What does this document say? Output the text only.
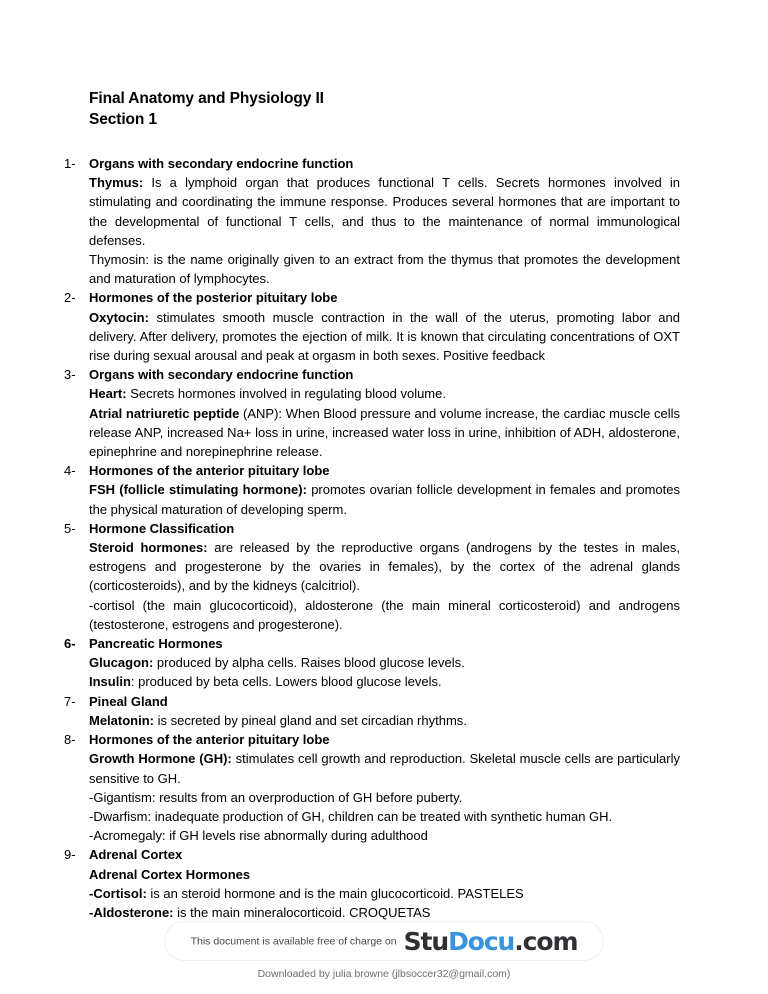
Final Anatomy and Physiology II
Section 1
1-	Organs with secondary endocrine function

Thymus: Is a lymphoid organ that produces functional T cells. Secrets hormones involved in stimulating and coordinating the immune response. Produces several hormones that are important to the developmental of functional T cells, and thus to the maintenance of normal immunological defenses.

Thymosin: is the name originally given to an extract from the thymus that promotes the development and maturation of lymphocytes.

2-	Hormones of the posterior pituitary lobe

Oxytocin: stimulates smooth muscle contraction in the wall of the uterus, promoting labor and delivery. After delivery, promotes the ejection of milk. It is known that circulating concentrations of OXT rise during sexual arousal and peak at orgasm in both sexes. Positive feedback

3-	Organs with secondary endocrine function

Heart: Secrets hormones involved in regulating blood volume.

Atrial natriuretic peptide (ANP): When Blood pressure and volume increase, the cardiac muscle cells release ANP, increased Na+ loss in urine, increased water loss in urine, inhibition of ADH, aldosterone, epinephrine and norepinephrine release.

4-	Hormones of the anterior pituitary lobe

FSH (follicle stimulating hormone): promotes ovarian follicle development in females and promotes the physical maturation of developing sperm.

5-	Hormone Classification

Steroid hormones: are released by the reproductive organs (androgens by the testes in males, estrogens and progesterone by the ovaries in females), by the cortex of the adrenal glands (corticosteroids), and by the kidneys (calcitriol).

-cortisol (the main glucocorticoid), aldosterone (the main mineral corticosteroid) and androgens (testosterone, estrogens and progesterone).

6-	Pancreatic Hormones

Glucagon: produced by alpha cells. Raises blood glucose levels.

Insulin: produced by beta cells. Lowers blood glucose levels.

7-	Pineal Gland

Melatonin: is secreted by pineal gland and set circadian rhythms.

8-	Hormones of the anterior pituitary lobe

Growth Hormone (GH): stimulates cell growth and reproduction. Skeletal muscle cells are particularly sensitive to GH.

-Gigantism: results from an overproduction of GH before puberty.

-Dwarfism: inadequate production of GH, children can be treated with synthetic human GH.

-Acromegaly: if GH levels rise abnormally during adulthood

9-	Adrenal Cortex

Adrenal Cortex Hormones

-Cortisol: is an steroid hormone and is the main glucocorticoid. PASTELES

-Aldosterone: is the main mineralocorticoid. CROQUETAS

This document is available free of charge on StuDocu.com
Downloaded by julia browne (jlbsoccer32@gmail.com)
